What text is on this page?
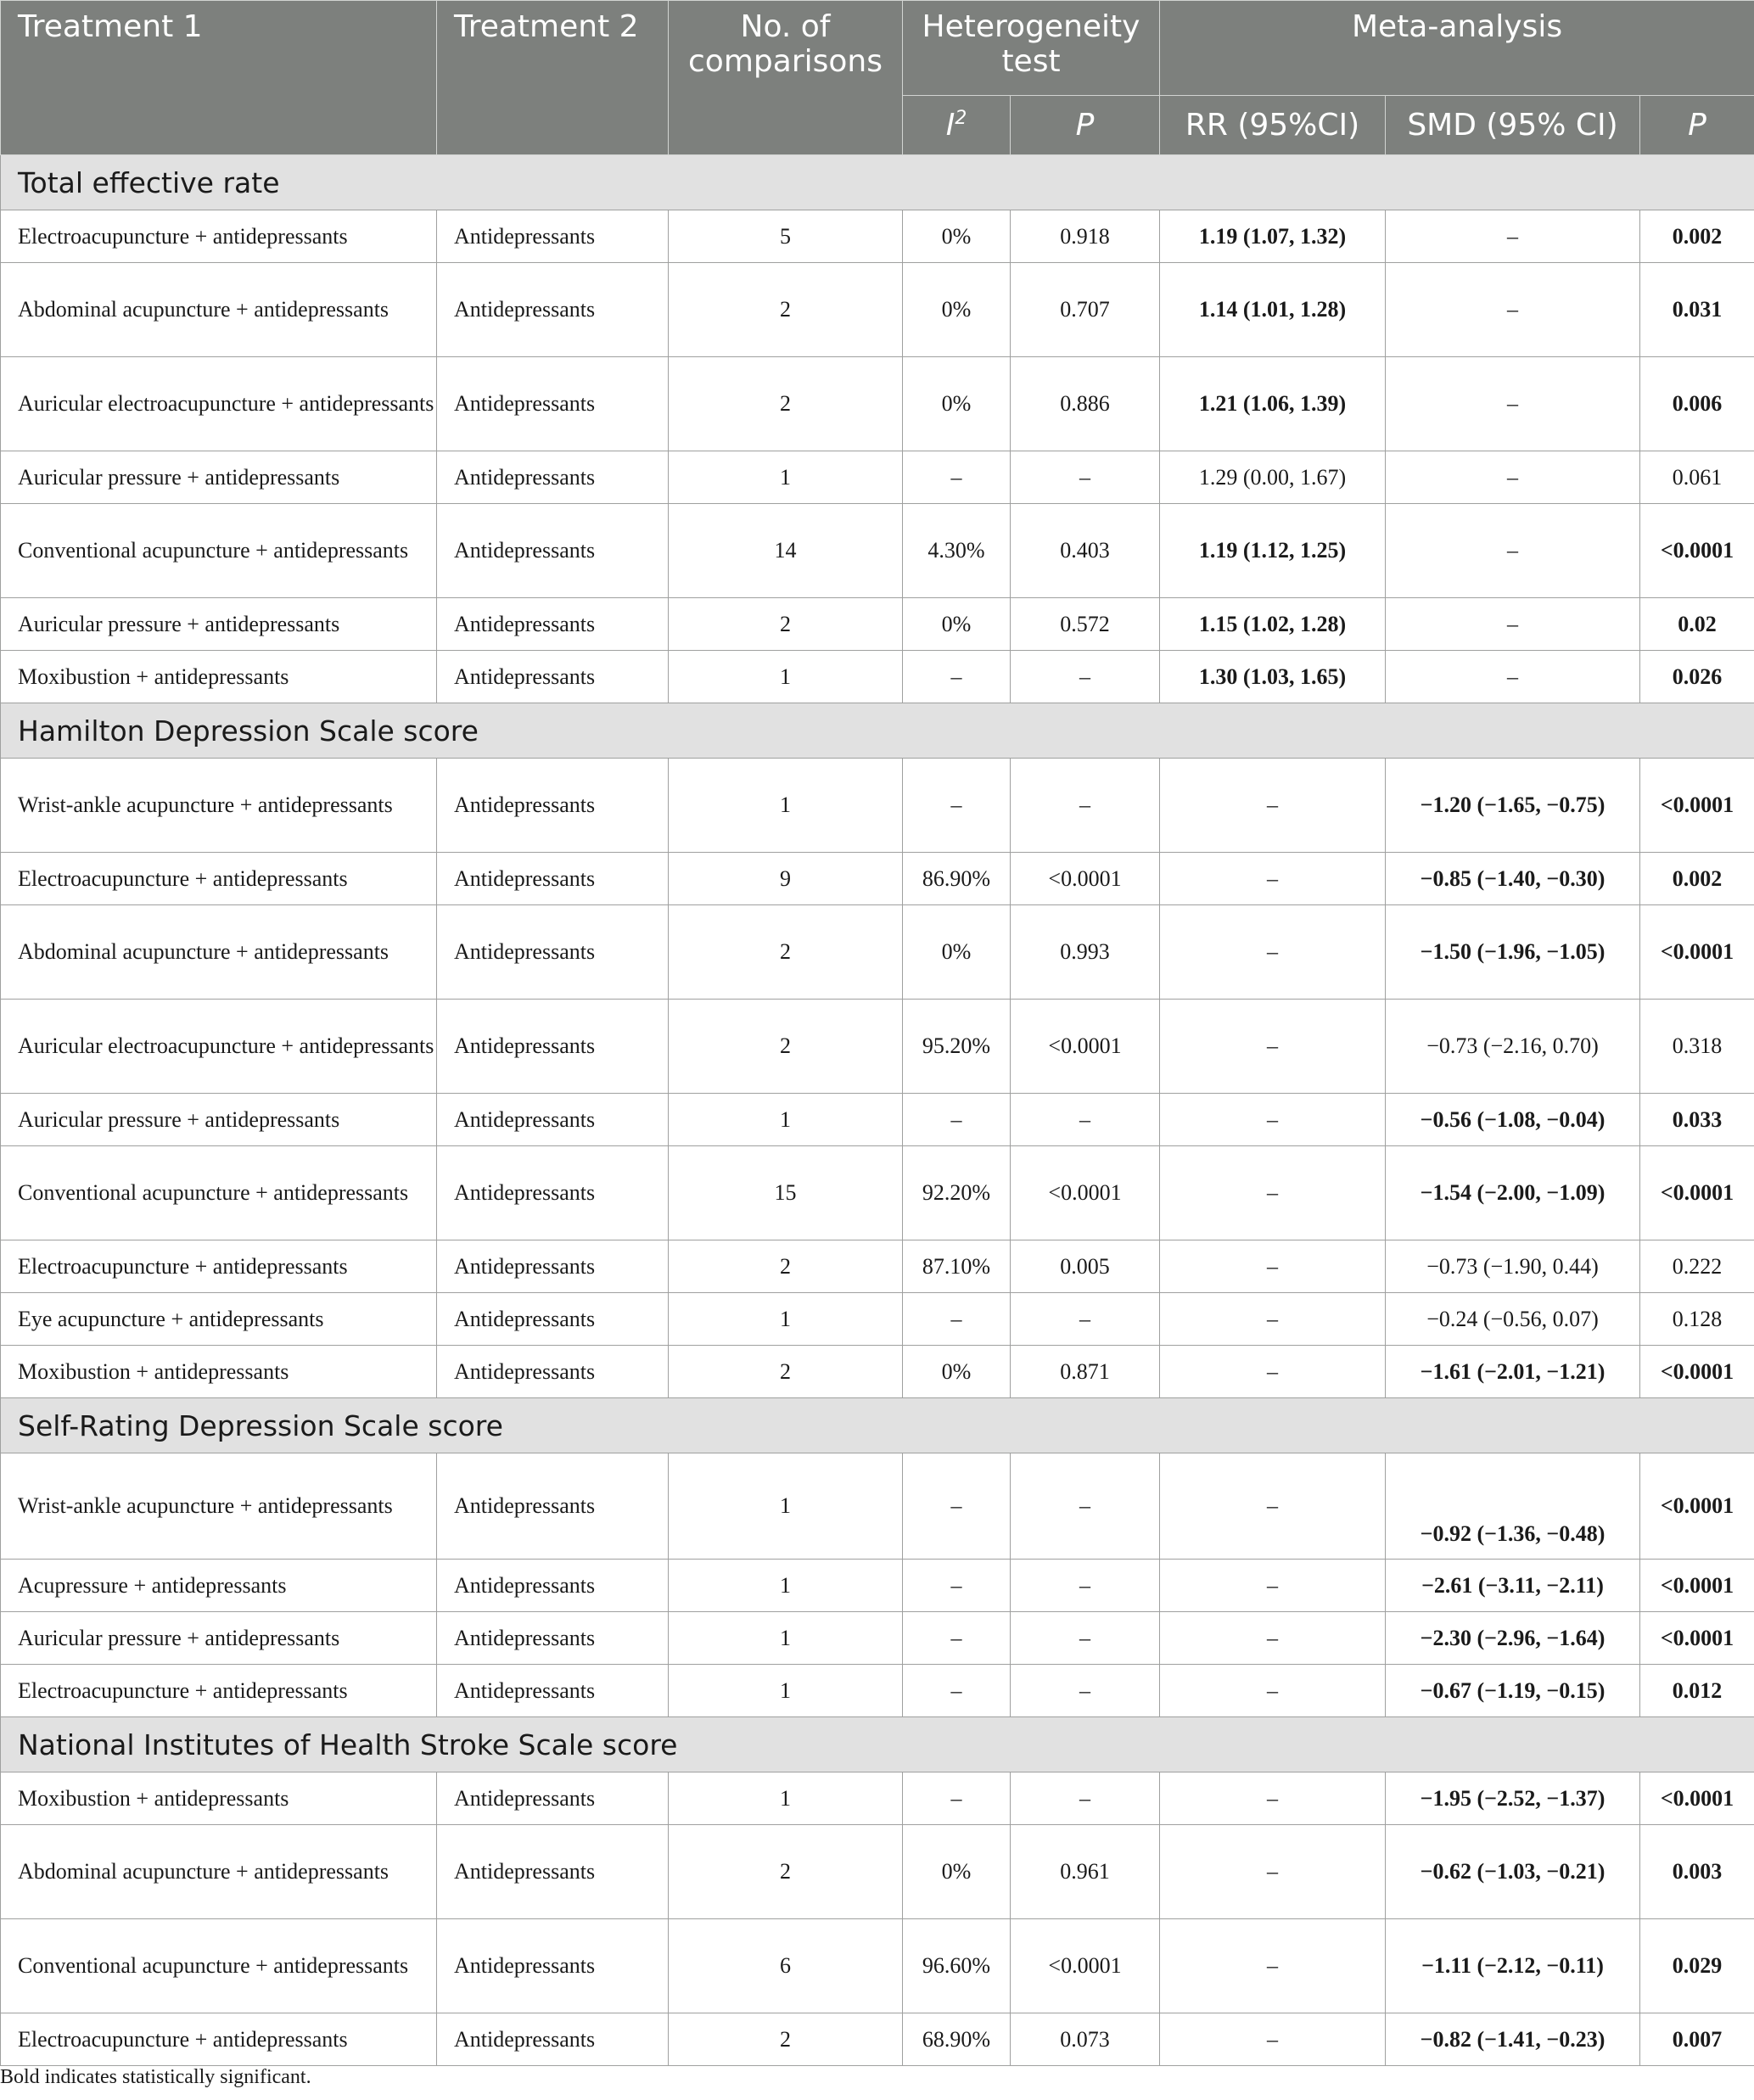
Treatment 1	Treatment 2	No. of comparisons	Heterogeneity test		Meta-analysis		
			$I^2$	P	RR (95%CI)	SMD (95% CI)	P
Total effective rate							
Electroacupuncture + antidepressants	Antidepressants	5	0%	0.918	1.19 (1.07, 1.32)	–	0.002
Abdominal acupuncture + antidepressants	Antidepressants	2	0%	0.707	1.14 (1.01, 1.28)	–	0.031
Auricular electroacupuncture + antidepressants	Antidepressants	2	0%	0.886	1.21 (1.06, 1.39)	–	0.006
Auricular pressure + antidepressants	Antidepressants	1	–	–	1.29 (0.00, 1.67)	–	0.061
Conventional acupuncture + antidepressants	Antidepressants	14	4.30%	0.403	1.19 (1.12, 1.25)	–	<0.0001
Auricular pressure + antidepressants	Antidepressants	2	0%	0.572	1.15 (1.02, 1.28)	–	0.02
Moxibustion + antidepressants	Antidepressants	1	–	–	1.30 (1.03, 1.65)	–	0.026
Hamilton Depression Scale score							
Wrist-ankle acupuncture + antidepressants	Antidepressants	1	–	–	–	−1.20 (−1.65, −0.75)	<0.0001
Electroacupuncture + antidepressants	Antidepressants	9	86.90%	<0.0001	–	−0.85 (−1.40, −0.30)	0.002
Abdominal acupuncture + antidepressants	Antidepressants	2	0%	0.993	–	−1.50 (−1.96, −1.05)	<0.0001
Auricular electroacupuncture + antidepressants	Antidepressants	2	95.20%	<0.0001	–	−0.73 (−2.16, 0.70)	0.318
Auricular pressure + antidepressants	Antidepressants	1	–	–	–	−0.56 (−1.08, −0.04)	0.033
Conventional acupuncture + antidepressants	Antidepressants	15	92.20%	<0.0001	–	−1.54 (−2.00, −1.09)	<0.0001
Electroacupuncture + antidepressants	Antidepressants	2	87.10%	0.005	–	−0.73 (−1.90, 0.44)	0.222
Eye acupuncture + antidepressants	Antidepressants	1	–	–	–	−0.24 (−0.56, 0.07)	0.128
Moxibustion + antidepressants	Antidepressants	2	0%	0.871	–	−1.61 (−2.01, −1.21)	<0.0001
Self-Rating Depression Scale score							
Wrist-ankle acupuncture + antidepressants	Antidepressants	1	–	–	–	−0.92 (−1.36, −0.48)	<0.0001
Acupressure + antidepressants	Antidepressants	1	–	–	–	−2.61 (−3.11, −2.11)	<0.0001
Auricular pressure + antidepressants	Antidepressants	1	–	–	–	−2.30 (−2.96, −1.64)	<0.0001
Electroacupuncture + antidepressants	Antidepressants	1	–	–	–	−0.67 (−1.19, −0.15)	0.012
National Institutes of Health Stroke Scale score							
Moxibustion + antidepressants	Antidepressants	1	–	–	–	−1.95 (−2.52, −1.37)	<0.0001
Abdominal acupuncture + antidepressants	Antidepressants	2	0%	0.961	–	−0.62 (−1.03, −0.21)	0.003
Conventional acupuncture + antidepressants	Antidepressants	6	96.60%	<0.0001	–	−1.11 (−2.12, −0.11)	0.029
Electroacupuncture + antidepressants	Antidepressants	2	68.90%	0.073	–	−0.82 (−1.41, −0.23)	0.007
Bold indicates statistically significant.
